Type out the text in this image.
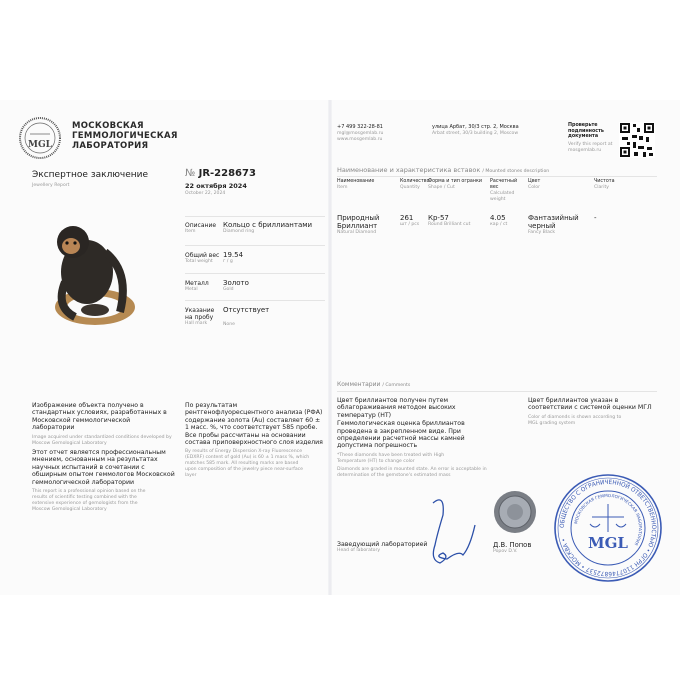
MGL
МОСКОВСКАЯ
ГЕММОЛОГИЧЕСКАЯ
ЛАБОРАТОРИЯ
Экспертное заключение
Jewellery Report
№ JR-228673
22 октября 2024
October 22, 2024
Описание
Item
Кольцо с бриллиантами
Diamond ring
Общий вес
Total weight
19.54
г / g
Металл
Metal
Золото
Gold
Указание на пробу
Hall mark
Отсутствует
None
Изображение объекта получено в стандартных условиях, разработанных в Московской геммологической лаборатории
Image acquired under standardized conditions developed by Moscow Gemological Laboratory
Этот отчет является профессиональным мнением, основанным на результатах научных испытаний в сочетании с обширным опытом геммологов Московской геммологической лаборатории
This report is a professional opinion based on the results of scientific testing combined with the extensive experience of gemologists from the Moscow Gemological Laboratory
По результатам рентгенофлуоресцентного анализа (РФА) содержание золота (Au) составляет 60 ± 1 масс. %, что соответствует 585 пробе. Все пробы рассчитаны на основании состава приповерхностного слоя изделия
By results of Energy Dispersion X-ray Fluorescence (EDXRF) content of gold (Au) is 60 ± 1 mass %, which matches 585 mark. All resulting marks are based upon composition of the jewelry piece near-surface layer
+7 499 322-28-81
mgl@mosgemlab.ru
www.mosgemlab.ru
улица Арбат, 30/3 стр. 2, Москва
Arbat street, 30/3 building 2, Moscow
Проверьте подлинность документа
Verify this report at mosgemlab.ru
Наименование и характеристика вставок / Mounted stones description
Наименование
Item
Природный Бриллиант
Natural Diamond
Количество
Quantity
261
шт / pcs
Форма и тип огранки
Shape / Cut
Кр-57
Round Brilliant cut
Расчетный вес
Calculated weight
4.05
кар / ct
Цвет
Color
Фантазийный черный
Fancy Black
Чистота
Clarity
-
Комментарии / Comments
Цвет бриллиантов получен путем облагораживания методом высоких температур (НТ)
Геммологическая оценка бриллиантов проведена в закрепленном виде. При определении расчетной массы камней допустима погрешность
*These diamonds have been treated with High Temperature (HT) to change color
Diamonds are graded in mounted state. An error is acceptable in determination of the gemstone's estimated mass
Цвет бриллиантов указан в соответствии с системой оценки МГЛ
Color of diamonds is shown according to MGL grading system
Заведующий лабораторией
Head of laboratory
Д.В. Попов
Popov D.V.
ОБЩЕСТВО С ОГРАНИЧЕННОЙ ОТВЕТСТВЕННОСТЬЮ • ОГРН 1107746872537 • МОСКВА •
МОСКОВСКАЯ ГЕММОЛОГИЧЕСКАЯ ЛАБОРАТОРИЯ
MGL
